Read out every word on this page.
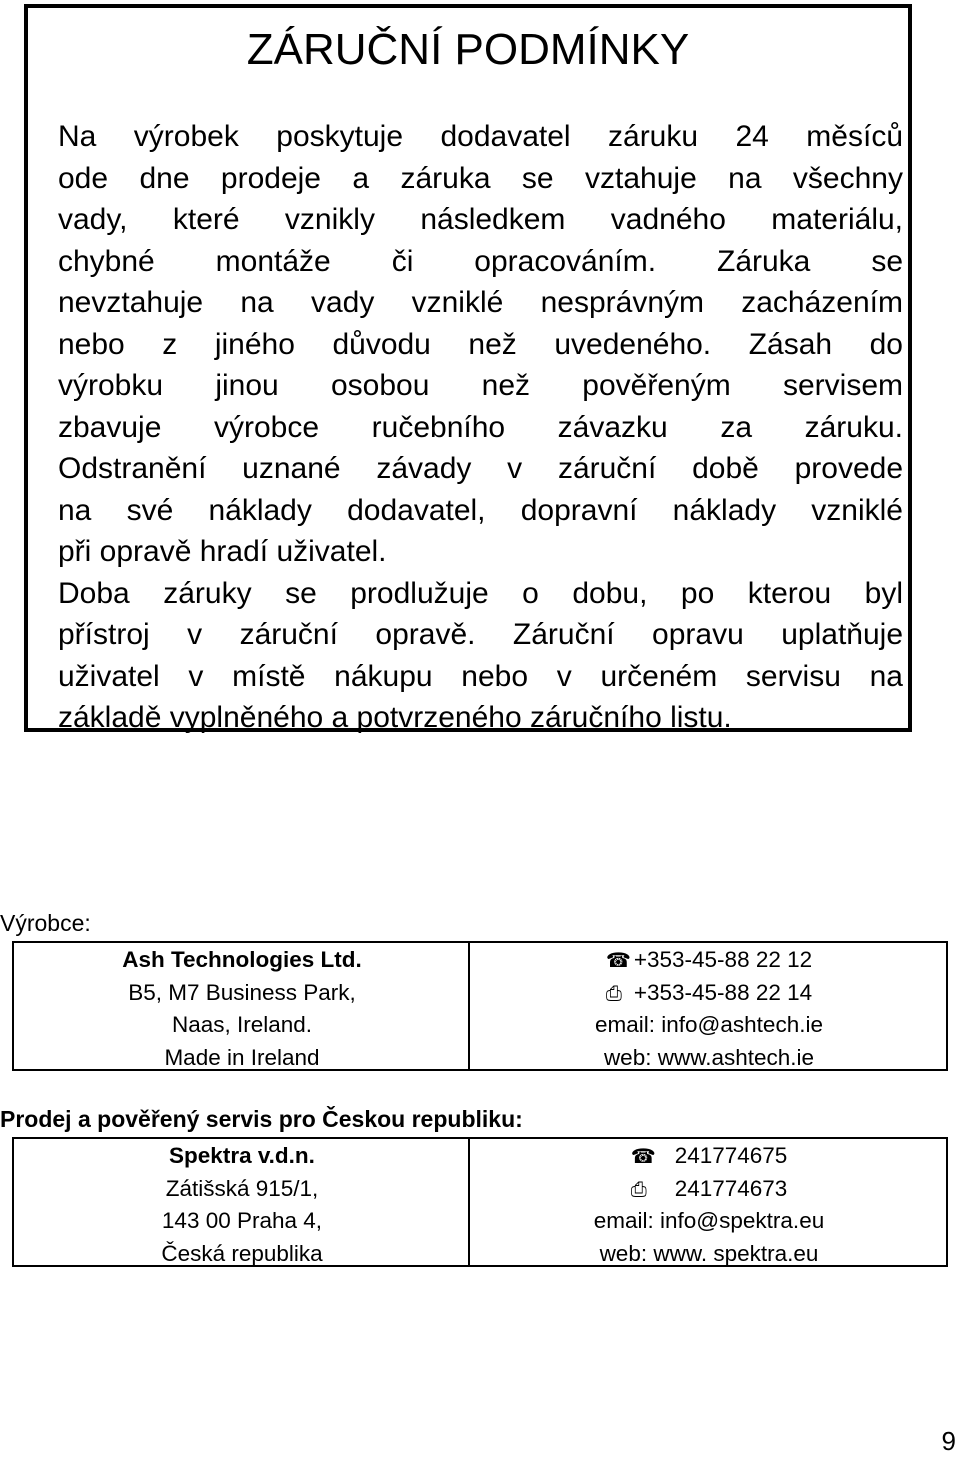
ZÁRUČNÍ PODMÍNKY
Na výrobek poskytuje dodavatel záruku 24 měsíců
ode dne prodeje a záruka se vztahuje na všechny
vady, které vznikly následkem vadného materiálu,
chybné montáže či opracováním. Záruka se
nevztahuje na vady vzniklé nesprávným zacházením
nebo z jiného důvodu než uvedeného. Zásah do
výrobku jinou osobou než pověřeným servisem
zbavuje výrobce ručebního závazku za záruku.
Odstranění uznané závady v záruční době provede
na své náklady dodavatel, dopravní náklady vzniklé
při opravě hradí uživatel.
Doba záruky se prodlužuje o dobu, po kterou byl
přístroj v záruční opravě. Záruční opravu uplatňuje
uživatel v místě nákupu nebo v určeném servisu na
základě vyplněného a potvrzeného záručního listu.
Výrobce:
Ash Technologies Ltd.
B5, M7 Business Park,
Naas, Ireland.
Made in Ireland
☎ +353-45-88 22 12
⎙ +353-45-88 22 14
email: info@ashtech.ie
web: www.ashtech.ie
Prodej a pověřený servis pro Českou republiku:
Spektra v.d.n.
Zátišská 915/1,
143 00 Praha 4,
Česká republika
☎ 241774675
⎙ 241774673
email: info@spektra.eu
web: www. spektra.eu
9
